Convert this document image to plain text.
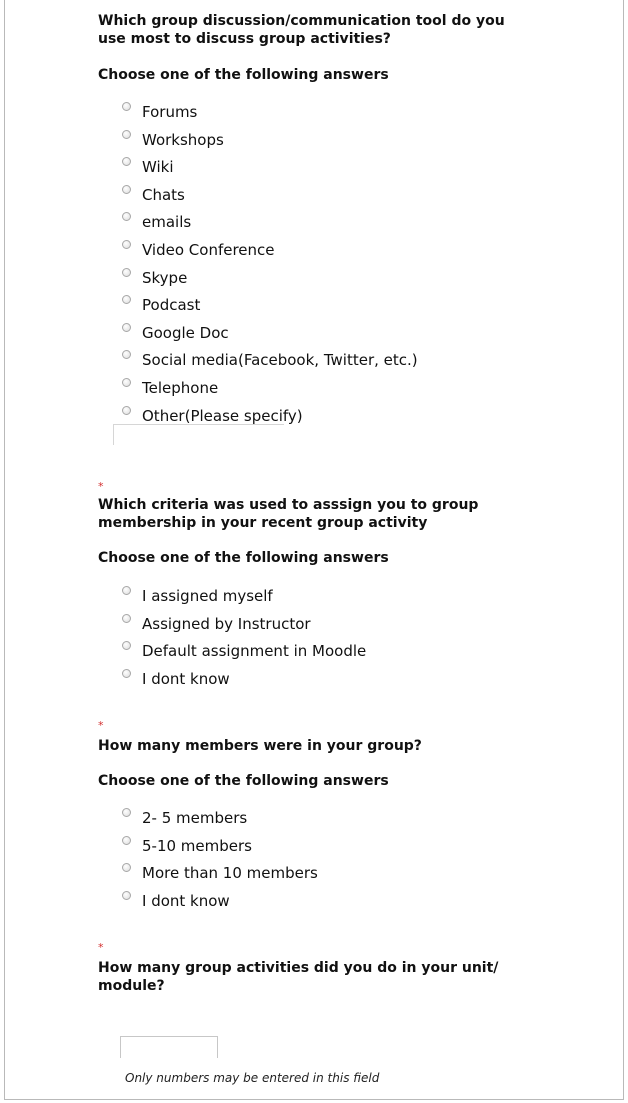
Which group discussion/communication tool do you use most to discuss group activities?

Choose one of the following answers

Forums
Workshops
Wiki
Chats
emails
Video Conference
Skype
Podcast
Google Doc
Social media(Facebook, Twitter, etc.)
Telephone
Other(Please specify)
*

Which criteria was used to asssign you to group membership in your recent group activity

Choose one of the following answers

I assigned myself
Assigned by Instructor
Default assignment in Moodle
I dont know
*

How many members were in your group?

Choose one of the following answers

2- 5 members
5-10 members
More than 10 members
I dont know
*

How many group activities did you do in your unit/ module?

Only numbers may be entered in this field
